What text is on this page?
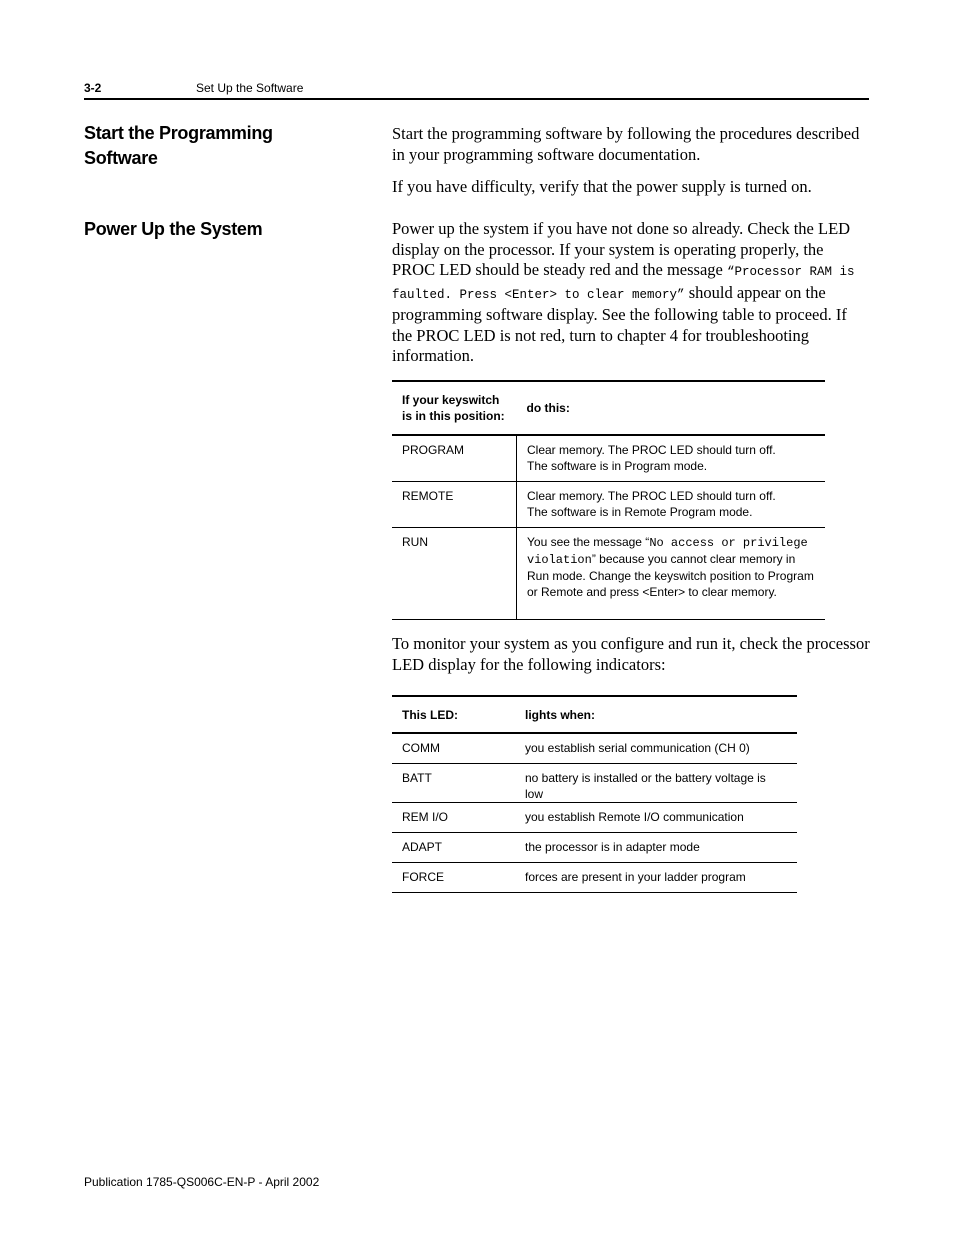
3-2	Set Up the Software
Start the Programming Software
Power Up the System

Start the programming software by following the procedures described in your programming software documentation.

If you have difficulty, verify that the power supply is turned on.

Power up the system if you have not done so already. Check the LED display on the processor. If your system is operating properly, the PROC LED should be steady red and the message “Processor RAM is faulted. Press <Enter> to clear memory” should appear on the programming software display. See the following table to proceed. If the PROC LED is not red, turn to chapter 4 for troubleshooting information.

If your keyswitch
is in this position:	do this:
PROGRAM	Clear memory. The PROC LED should turn off.
The software is in Program mode.
REMOTE	Clear memory. The PROC LED should turn off.
The software is in Remote Program mode.
RUN	You see the message “No access or privilege violation” because you cannot clear memory in Run mode. Change the keyswitch position to Program or Remote and press <Enter> to clear memory.

To monitor your system as you configure and run it, check the processor LED display for the following indicators:

This LED:	lights when:
COMM	you establish serial communication (CH 0)
BATT	no battery is installed or the battery voltage is low
REM I/O	you establish Remote I/O communication
ADAPT	the processor is in adapter mode
FORCE	forces are present in your ladder program
Publication 1785-QS006C-EN-P - April 2002
